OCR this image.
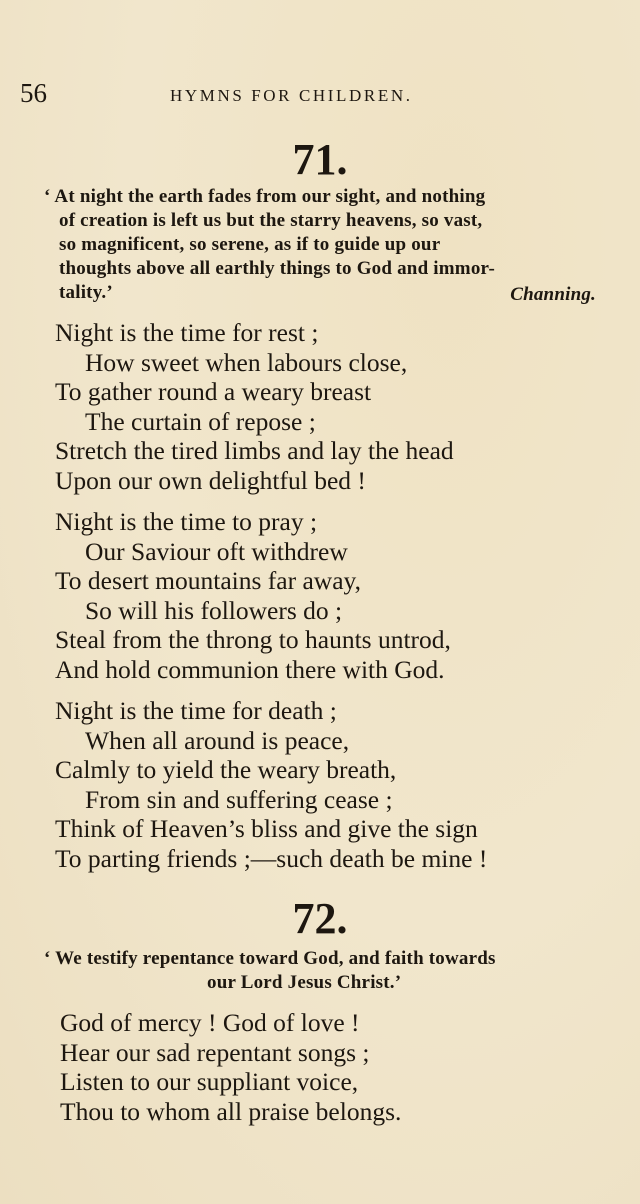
56	HYMNS FOR CHILDREN.
71.
‘ At night the earth fades from our sight, and nothing
of creation is left us but the starry heavens, so vast,
so magnificent, so serene, as if to guide up our
thoughts above all earthly things to God and immor-
tality.’	Channing.
Night is the time for rest ;
How sweet when labours close,
To gather round a weary breast
The curtain of repose ;
Stretch the tired limbs and lay the head
Upon our own delightful bed !
Night is the time to pray ;
Our Saviour oft withdrew
To desert mountains far away,
So will his followers do ;
Steal from the throng to haunts untrod,
And hold communion there with God.
Night is the time for death ;
When all around is peace,
Calmly to yield the weary breath,
From sin and suffering cease ;
Think of Heaven’s bliss and give the sign
To parting friends ;—such death be mine !
72.
‘ We testify repentance toward God, and faith towards
our Lord Jesus Christ.’
God of mercy ! God of love !
Hear our sad repentant songs ;
Listen to our suppliant voice,
Thou to whom all praise belongs.
